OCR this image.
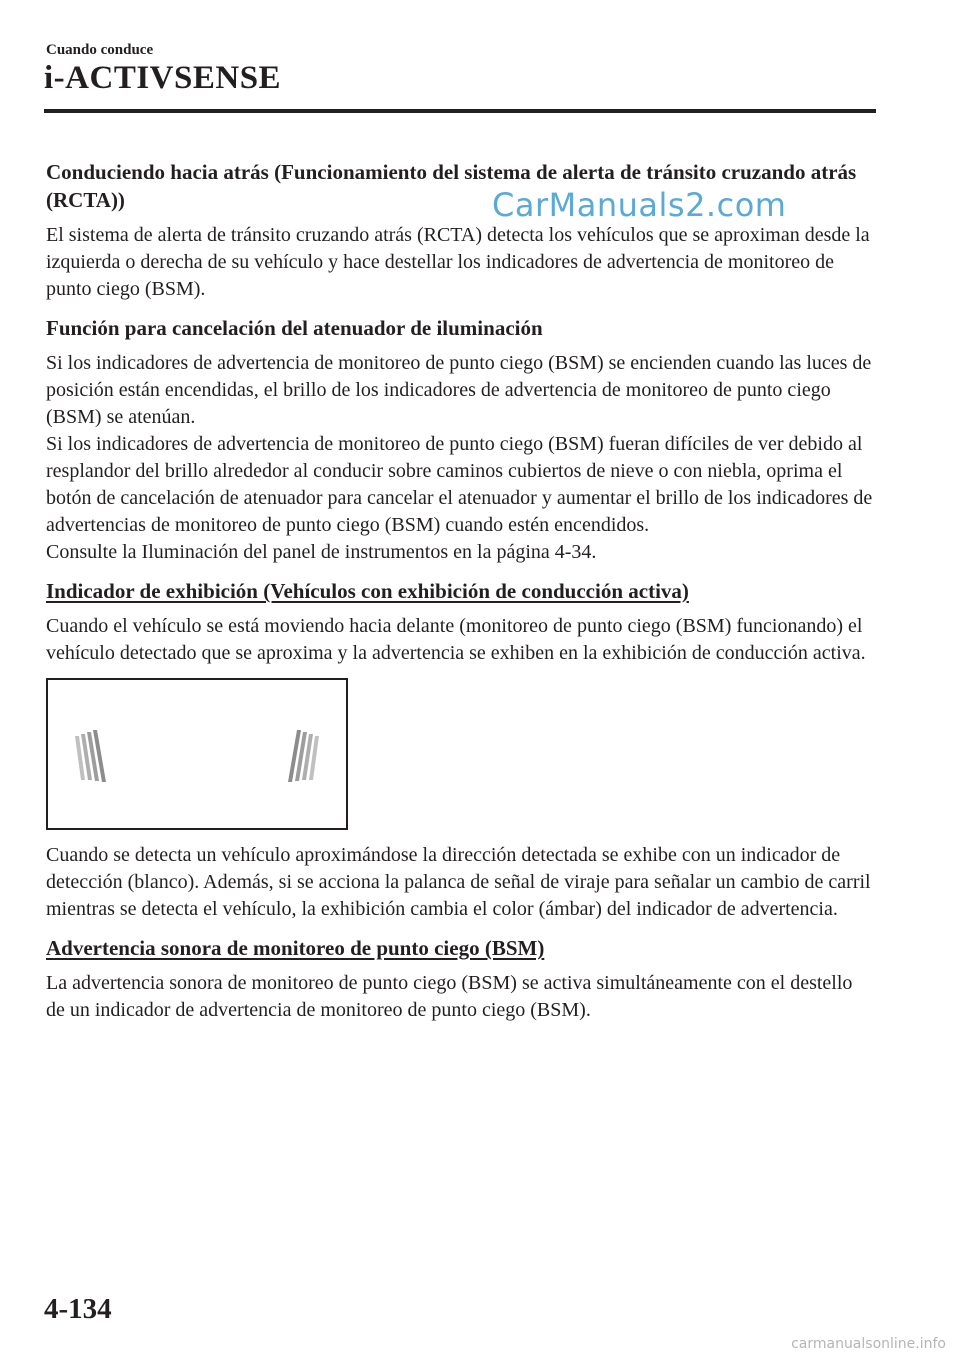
Cuando conduce
i-ACTIVSENSE
CarManuals2.com
Conduciendo hacia atrás (Funcionamiento del sistema de alerta de tránsito cruzando atrás (RCTA))

El sistema de alerta de tránsito cruzando atrás (RCTA) detecta los vehículos que se aproximan desde la izquierda o derecha de su vehículo y hace destellar los indicadores de advertencia de monitoreo de punto ciego (BSM).

Función para cancelación del atenuador de iluminación

Si los indicadores de advertencia de monitoreo de punto ciego (BSM) se encienden cuando las luces de posición están encendidas, el brillo de los indicadores de advertencia de monitoreo de punto ciego (BSM) se atenúan.

Si los indicadores de advertencia de monitoreo de punto ciego (BSM) fueran difíciles de ver debido al resplandor del brillo alrededor al conducir sobre caminos cubiertos de nieve o con niebla, oprima el botón de cancelación de atenuador para cancelar el atenuador y aumentar el brillo de los indicadores de advertencias de monitoreo de punto ciego (BSM) cuando estén encendidos.

Consulte la Iluminación del panel de instrumentos en la página 4-34.

Indicador de exhibición (Vehículos con exhibición de conducción activa)

Cuando el vehículo se está moviendo hacia delante (monitoreo de punto ciego (BSM) funcionando) el vehículo detectado que se aproxima y la advertencia se exhiben en la exhibición de conducción activa.

Cuando se detecta un vehículo aproximándose la dirección detectada se exhibe con un indicador de detección (blanco). Además, si se acciona la palanca de señal de viraje para señalar un cambio de carril mientras se detecta el vehículo, la exhibición cambia el color (ámbar) del indicador de advertencia.

Advertencia sonora de monitoreo de punto ciego (BSM)

La advertencia sonora de monitoreo de punto ciego (BSM) se activa simultáneamente con el destello de un indicador de advertencia de monitoreo de punto ciego (BSM).

4-134
carmanualsonline.info
